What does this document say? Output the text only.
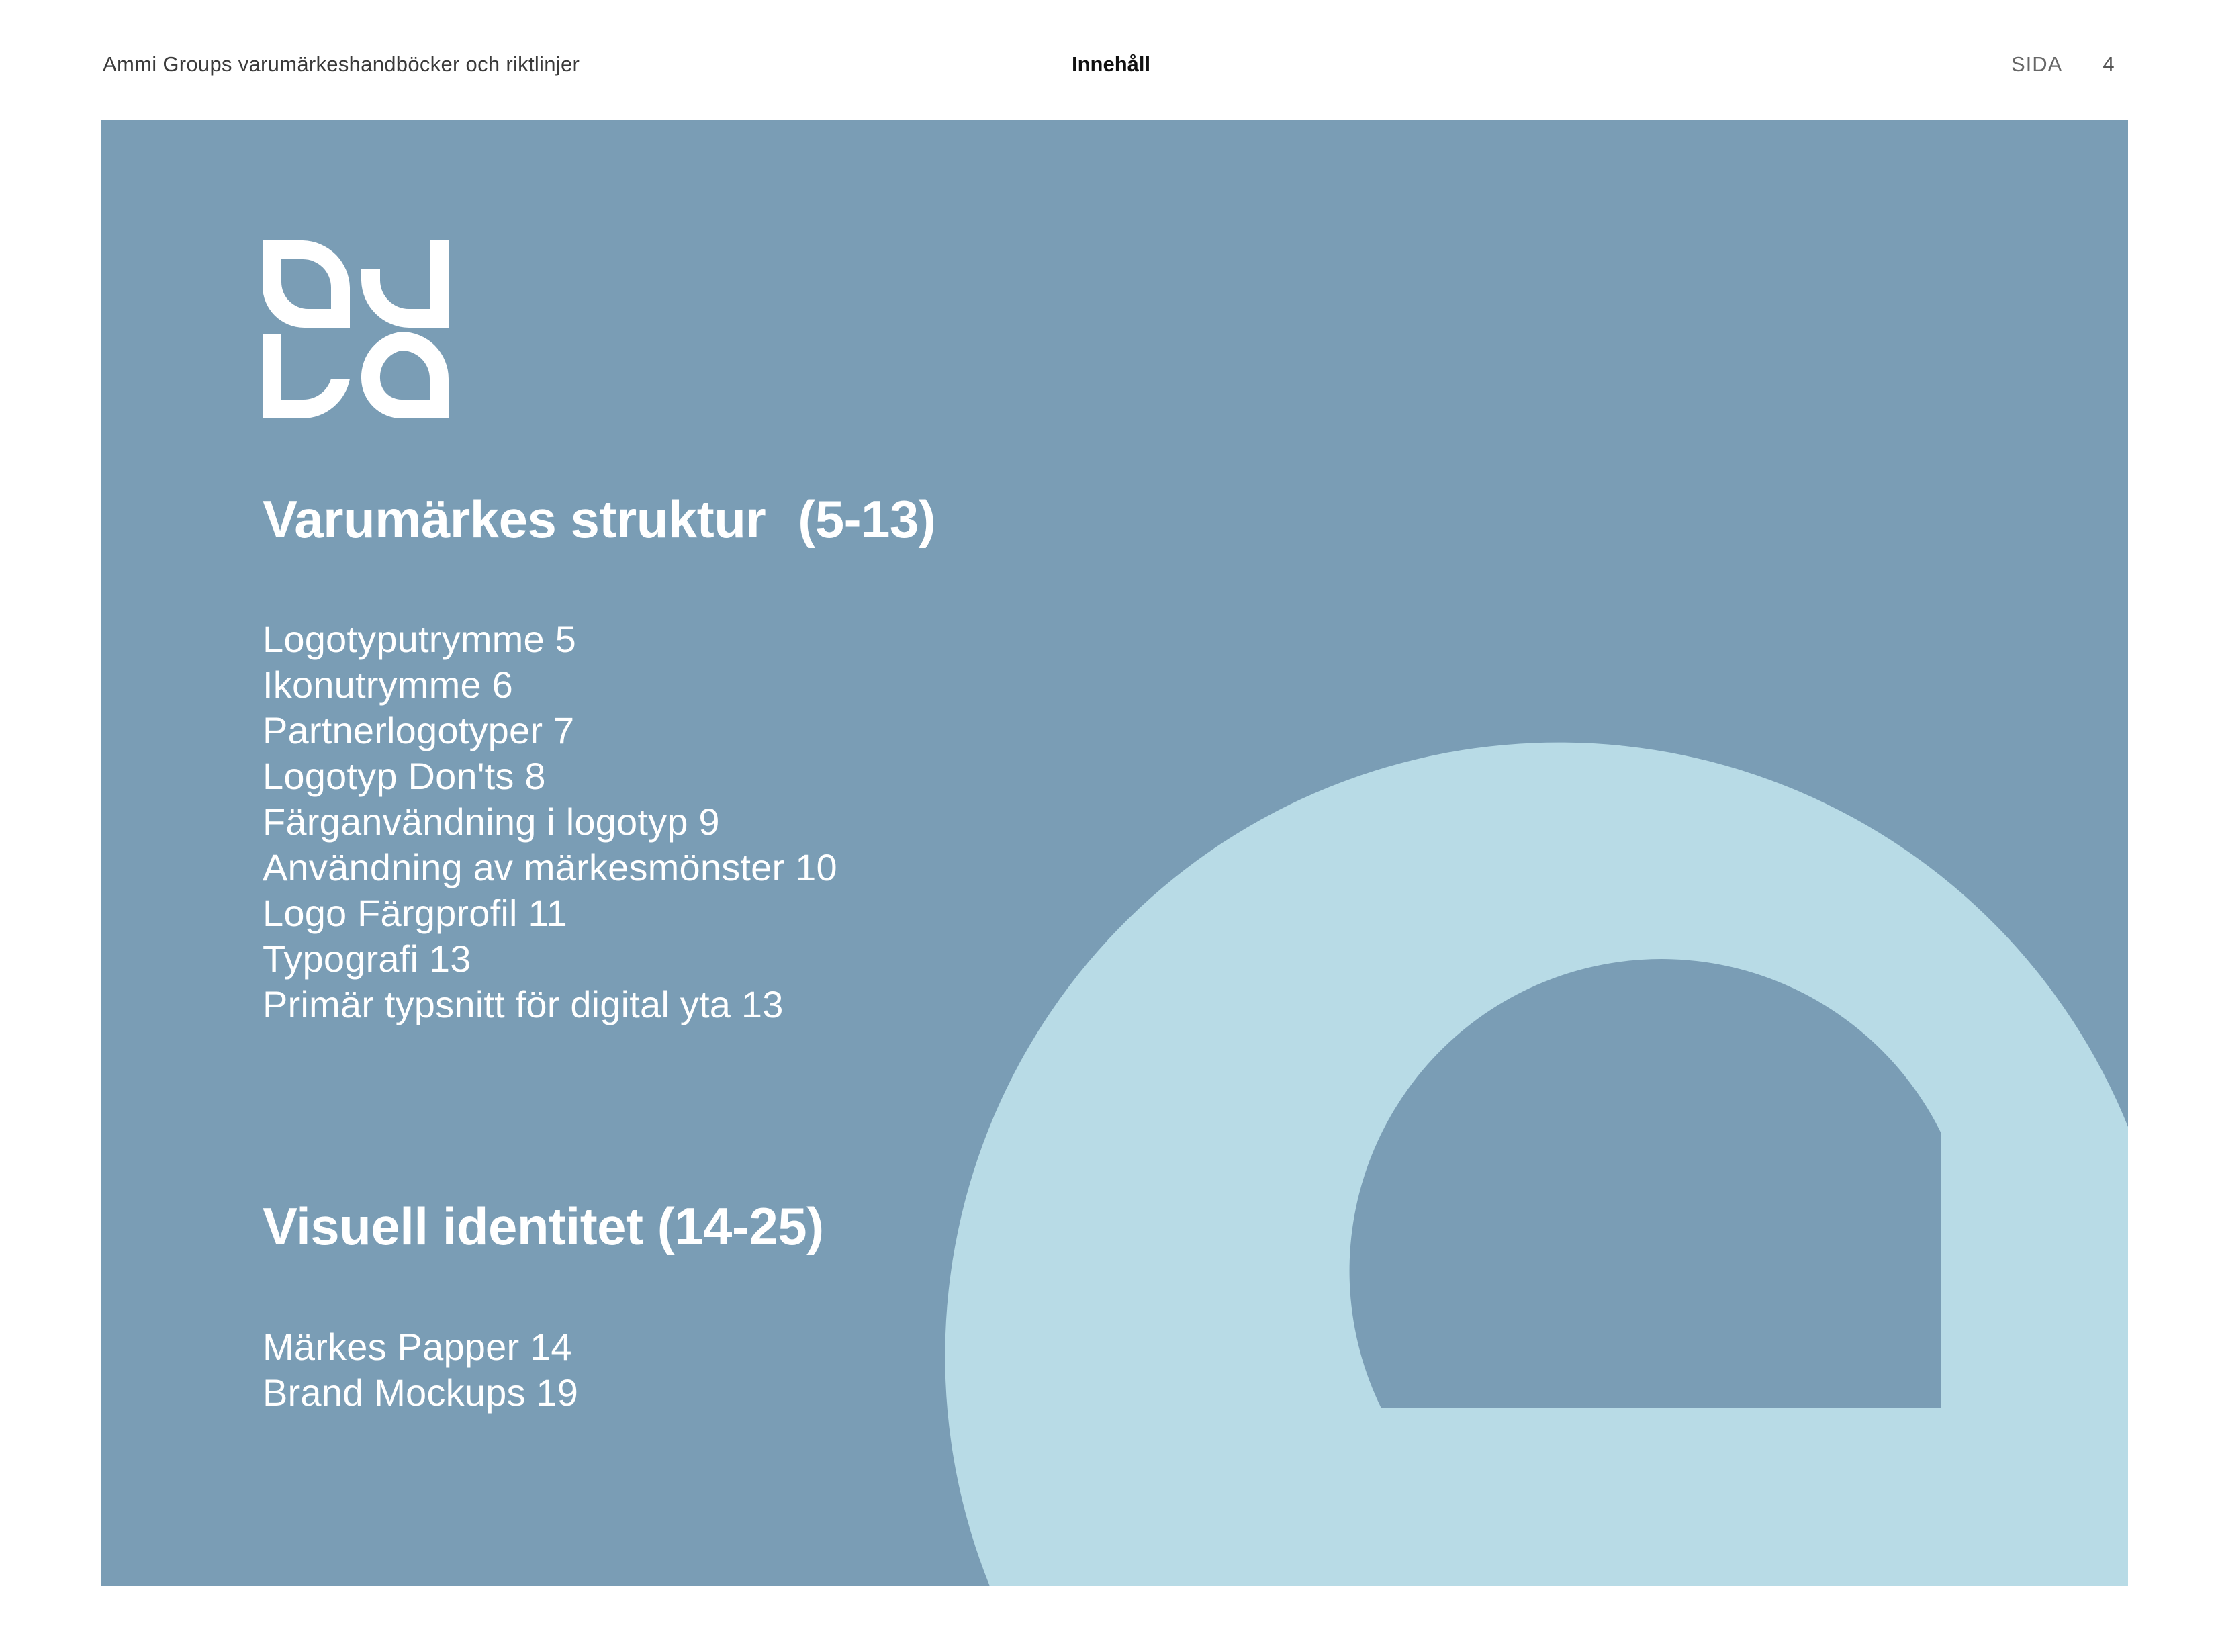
Ammi Groups varumärkeshandböcker och riktlinjer	Innehåll	SIDA 4
Varumärkes struktur (5-13)
Logotyputrymme 5
Ikonutrymme 6
Partnerlogotyper 7
Logotyp Don'ts 8
Färganvändning i logotyp 9
Användning av märkesmönster 10
Logo Färgprofil 11
Typografi 13
Primär typsnitt för digital yta 13
Visuell identitet (14-25)
Märkes Papper 14
Brand Mockups 19
